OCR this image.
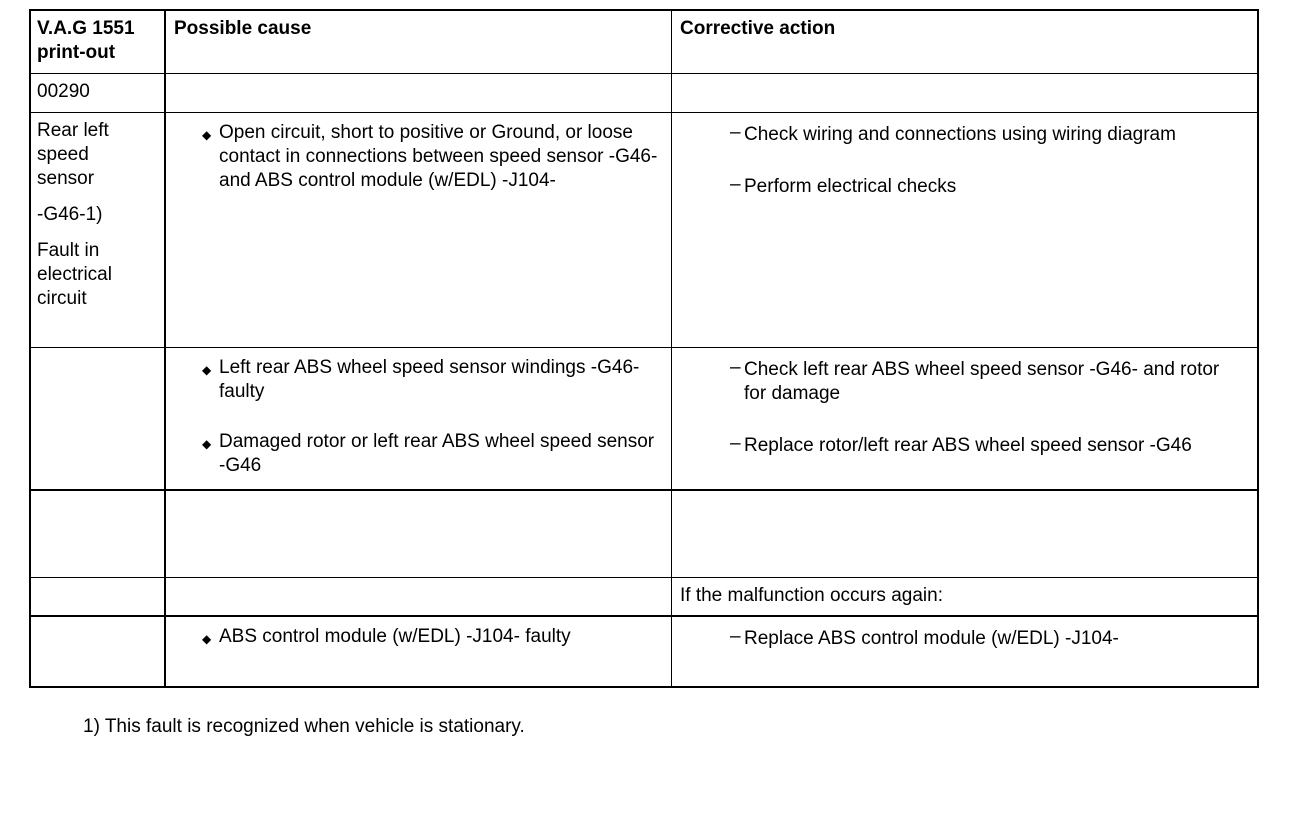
V.A.G 1551 print-out
Possible cause	Corrective action
00290
Rear left speed sensor
-G46-1)
Fault in electrical circuit
◆ Open circuit, short to positive or Ground, or loose contact in connections between speed sensor -G46- and ABS control module (w/EDL) -J104-
– Check wiring and connections using wiring diagram
– Perform electrical checks
◆ Left rear ABS wheel speed sensor windings -G46- faulty
◆ Damaged rotor or left rear ABS wheel speed sensor -G46
– Check left rear ABS wheel speed sensor -G46- and rotor for damage
– Replace rotor/left rear ABS wheel speed sensor -G46
If the malfunction occurs again:
◆ ABS control module (w/EDL) -J104- faulty	– Replace ABS control module (w/EDL) -J104-
1) This fault is recognized when vehicle is stationary.
